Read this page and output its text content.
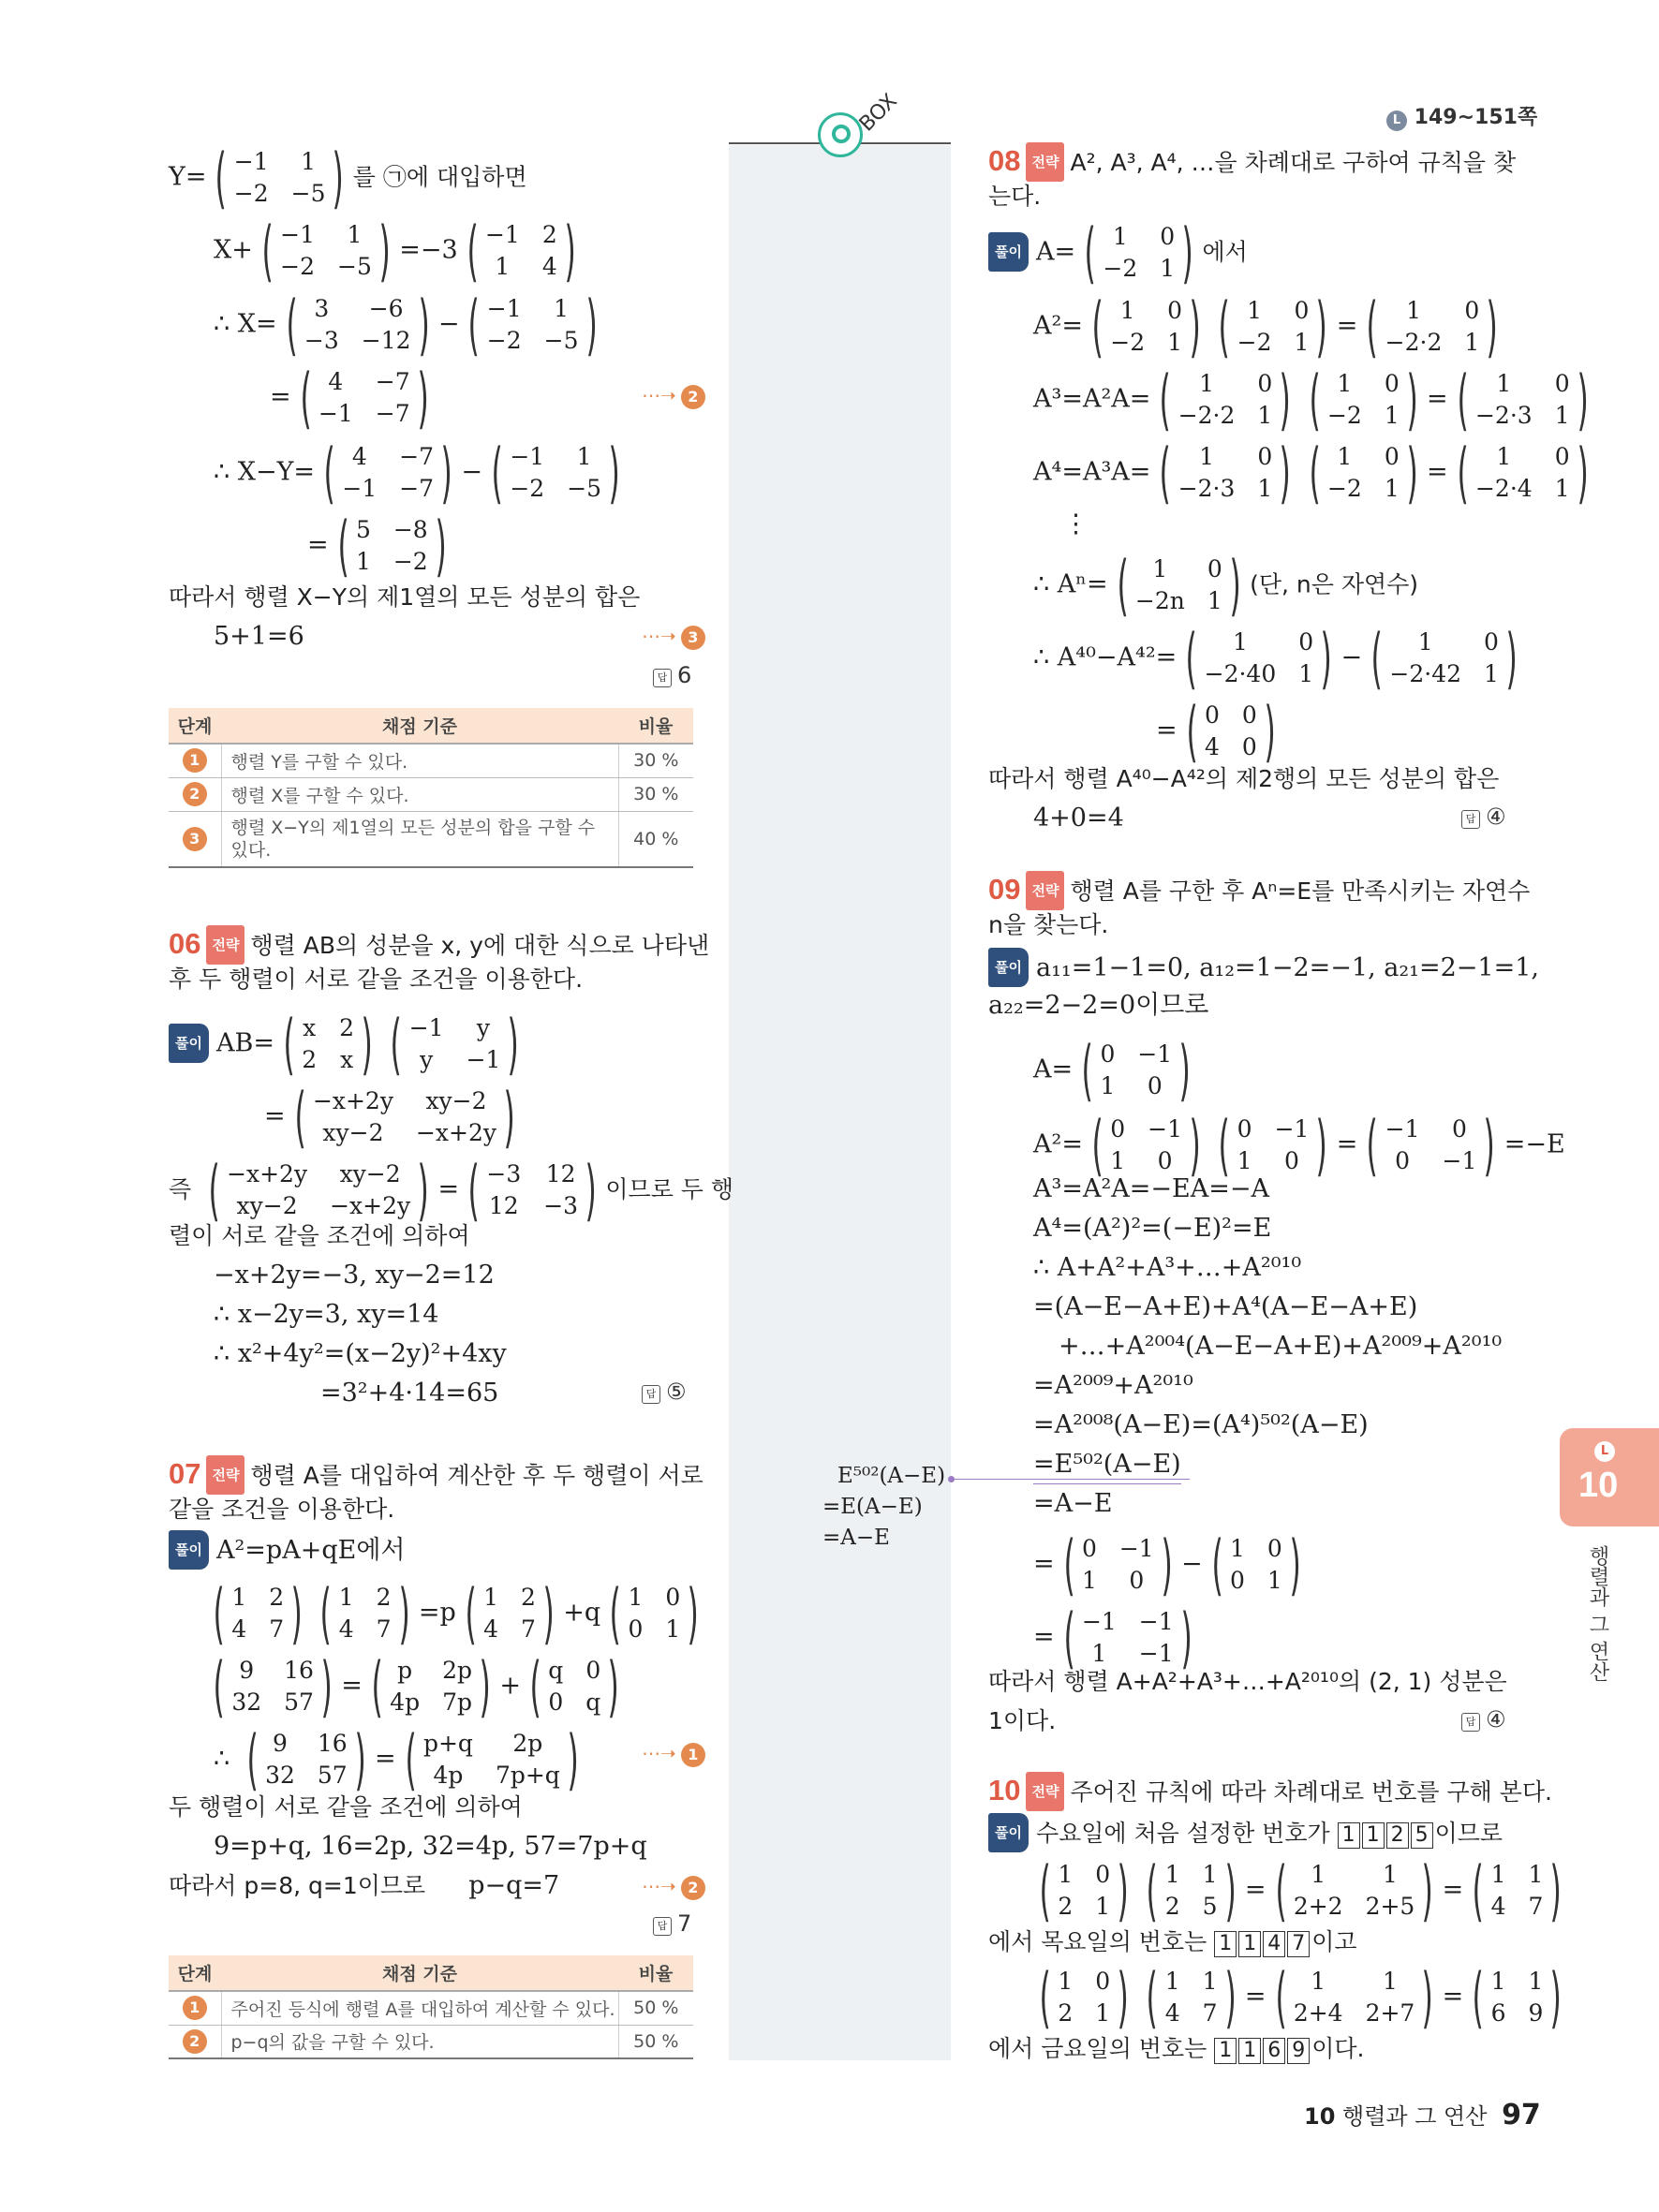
L 149~151쪽
BOX
E⁵⁰²(A−E)
=E(A−E)
=A−E
Y= ( −1	1
−2 −5 ) 를 ㉠에 대입하면
X+ ( −1	1
−2 −5 ) =−3 ( −1 2
1	4 )
∴ X= ( 3	−6
−3 −12 ) − ( −1	1
−2 −5 )
= ( 4	−7
−1 −7 )	⋯➝ 2
∴ X−Y= ( 4	−7
−1 −7 ) − ( −1	1
−2 −5 )
= ( 5 −8
1 −2 )
따라서 행렬 X−Y의 제1열의 모든 성분의 합은
5+1=6	⋯➝ 3
답 6
단계	채점 기준	비율
1	행렬 Y를 구할 수 있다.	30 %
2	행렬 X를 구할 수 있다.	30 %
3	행렬 X−Y의 제1열의 모든 성분의 합을 구할 수 있다.	40 %
06 전략 행렬 AB의 성분을 x, y에 대한 식으로 나타낸
후 두 행렬이 서로 같을 조건을 이용한다.
풀이 AB= ( x 2
2 x ) ( −1	y
y	−1 )
= ( −x+2y	xy−2
xy−2	−x+2y )
즉 ( −x+2y	xy−2
xy−2	−x+2y ) = ( −3 12
12 −3 ) 이므로 두 행
렬이 서로 같을 조건에 의하여
−x+2y=−3, xy−2=12
∴ x−2y=3, xy=14
∴ x²+4y²=(x−2y)²+4xy
=3²+4·14=65	답 ⑤
07 전략 행렬 A를 대입하여 계산한 후 두 행렬이 서로
같을 조건을 이용한다.
풀이 A²=pA+qE에서
( 1 2
4 7 ) ( 1 2
4 7 ) =p ( 1 2
4 7 ) +q ( 1 0
0 1 )
( 9	16
32 57 ) = ( p	2p
4p 7p ) + ( q 0
0 q )
∴ ( 9	16
32 57 ) = ( p+q	2p
4p	7p+q )	⋯➝ 1
두 행렬이 서로 같을 조건에 의하여
9=p+q, 16=2p, 32=4p, 57=7p+q
따라서 p=8, q=1이므로 p−q=7	⋯➝ 2
답 7
단계	채점 기준	비율
1	주어진 등식에 행렬 A를 대입하여 계산할 수 있다.	50 %
2	p−q의 값을 구할 수 있다.	50 %
08 전략 A², A³, A⁴, …을 차례대로 구하여 규칙을 찾
는다.
풀이 A= ( 1	0
−2 1 ) 에서
A²= ( 1	0
−2 1 ) ( 1	0
−2 1 ) = (	1	0
−2·2 1 )
A³=A²A= (	1	0
−2·2 1 ) ( 1	0
−2 1 ) = (	1	0
−2·3 1 )
A⁴=A³A= (	1	0
−2·3 1 ) ( 1	0
−2 1 ) = (	1	0
−2·4 1 )
⋮
∴ Aⁿ= (	1	0
−2n 1 ) (단, n은 자연수)
∴ A⁴⁰−A⁴²= (	1	0
−2·40 1 ) − (	1	0
−2·42 1 )
= ( 0 0
4 0 )
따라서 행렬 A⁴⁰−A⁴²의 제2행의 모든 성분의 합은
4+0=4	답 ④
09 전략 행렬 A를 구한 후 Aⁿ=E를 만족시키는 자연수
n을 찾는다.
풀이 a₁₁=1−1=0, a₁₂=1−2=−1, a₂₁=2−1=1,
a₂₂=2−2=0이므로
A= ( 0 −1
1	0 )
A²= ( 0 −1
1	0 ) ( 0 −1
1	0 ) = ( −1	0
0	−1 ) =−E
A³=A²A=−EA=−A
A⁴=(A²)²=(−E)²=E
∴ A+A²+A³+…+A²⁰¹⁰
=(A−E−A+E)+A⁴(A−E−A+E)
+…+A²⁰⁰⁴(A−E−A+E)+A²⁰⁰⁹+A²⁰¹⁰
=A²⁰⁰⁹+A²⁰¹⁰
=A²⁰⁰⁸(A−E)=(A⁴)⁵⁰²(A−E)
=E⁵⁰²(A−E)
=A−E
= ( 0 −1
1	0 ) − ( 1 0
0 1 )
= ( −1 −1
1	−1 )
따라서 행렬 A+A²+A³+…+A²⁰¹⁰의 (2, 1) 성분은
1이다.	답 ④
10 전략 주어진 규칙에 따라 차례대로 번호를 구해 본다.
풀이 수요일에 처음 설정한 번호가 1 1 2 5 이므로
( 1 0
2 1 ) ( 1 1
2 5 ) = (	1	1
2+2 2+5 ) = ( 1 1
4 7 )
에서 목요일의 번호는 1 1 4 7 이고
( 1 0
2 1 ) ( 1 1
4 7 ) = (	1	1
2+4 2+7 ) = ( 1 1
6 9 )
에서 금요일의 번호는 1 1 6 9 이다.
L
10
행렬과 그 연산
10 행렬과 그 연산 97
